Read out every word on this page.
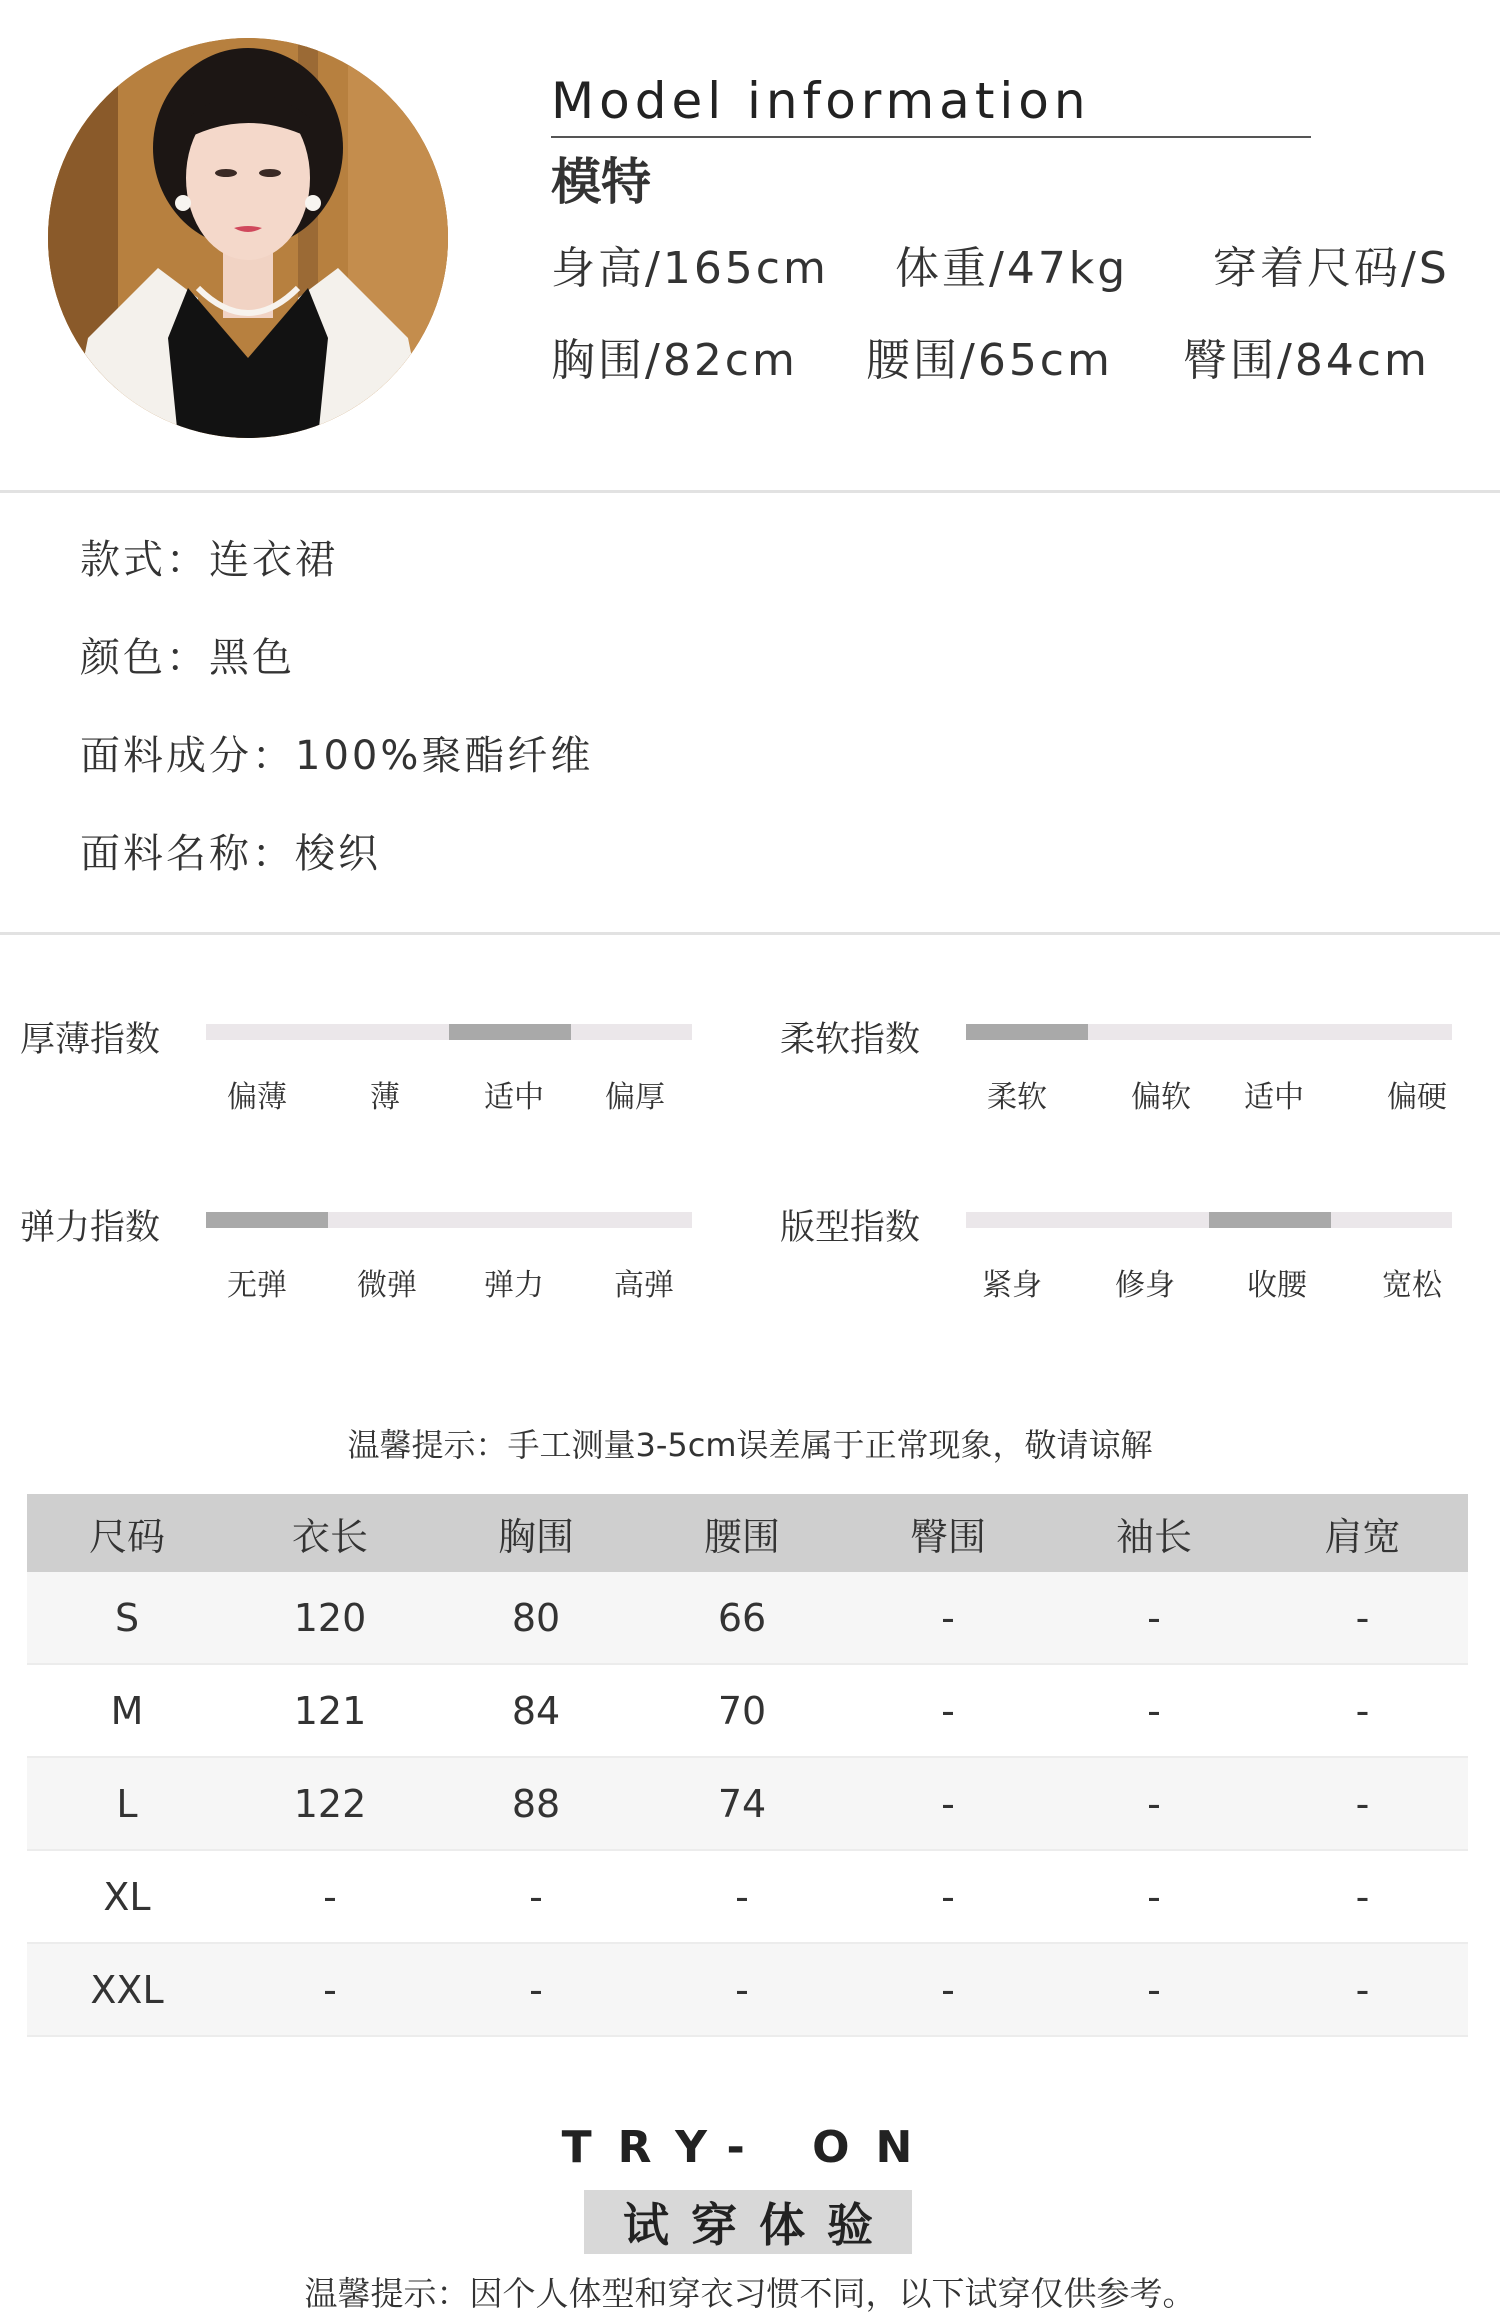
Model information
模特
身高/165cm 体重/47kg 穿着尺码/S
胸围/82cm 腰围/65cm 臀围/84cm
款式：连衣裙
颜色：黑色
面料成分：100%聚酯纤维
面料名称：梭织
厚薄指数
偏薄	薄	适中	偏厚
柔软指数
柔软	偏软	适中	偏硬
弹力指数
无弹	微弹	弹力	高弹
版型指数
紧身	修身	收腰	宽松
温馨提示：手工测量3-5cm误差属于正常现象，敬请谅解
尺码	衣长	胸围	腰围	臀围	袖长	肩宽
S	120	80	66	-	-	-
M	121	84	70	-	-	-
L	122	88	74	-	-	-
XL	-	-	-	-	-	-
XXL	-	-	-	-	-	-
TRY- ON
试穿体验
温馨提示：因个人体型和穿衣习惯不同，以下试穿仅供参考。
